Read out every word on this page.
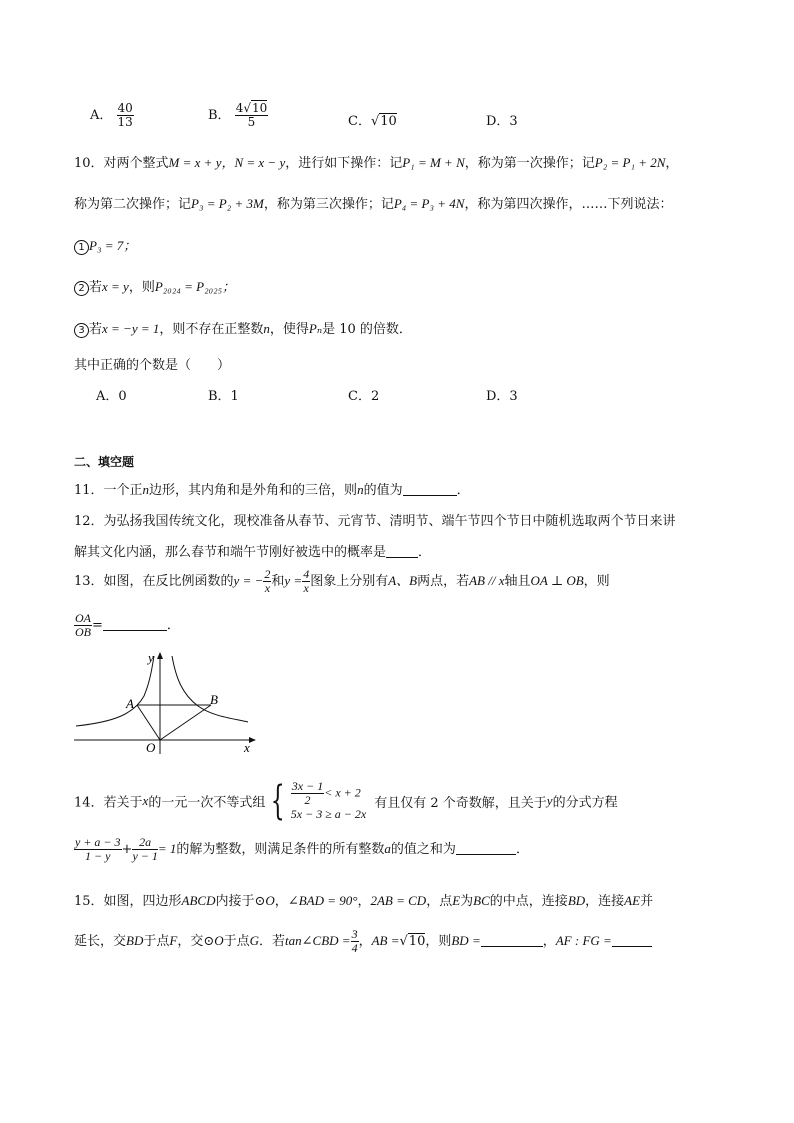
A． $\frac{40}{13}$	B． $\frac{4√10}{5}$	C．√10	D．3
10．对两个整式M = x + y，N = x − y，进行如下操作：记P₁ = M + N，称为第一次操作；记P₂ = P₁ + 2N，
称为第二次操作；记P₃ = P₂ + 3M，称为第三次操作；记P₄ = P₃ + 4N，称为第四次操作，……下列说法：
1 P₃ = 7；
2 若x = y，则P₂₀₂₄ = P₂₀₂₅；
3 若x = −y = 1，则不存在正整数n，使得Pₙ是 10 的倍数．
其中正确的个数是（　　）
A．0	B．1	C．2	D．3
二、填空题
11．一个正n边形，其内角和是外角和的三倍，则n的值为	．
12．为弘扬我国传统文化，现校准备从春节、元宵节、清明节、端午节四个节日中随机选取两个节日来讲
解其文化内涵，那么春节和端午节刚好被选中的概率是 ．
13．如图，在反比例函数的y = − $\frac{2}{x}$ 和$y = \frac{4}{x}$ 图象上分别有A、B两点，若AB // x轴且OA ⊥ OB，则
$\frac{OA}{OB}$ =	．
y
x
O
A	B
14．若关于x的一元一次不等式组 { $\frac{3x - 1}{2} < x + 2$
5x − 3 ≥ a − 2x
有且仅有 2 个奇数解，且关于y的分式方程
$\frac{y + a - 3}{1 - y} + \frac{2a}{y - 1} = 1$的解为整数，则满足条件的所有整数a的值之和为	．
15．如图，四边形ABCD内接于⊙O，∠BAD = 90°，2AB = CD，点E为BC的中点，连接BD，连接AE并
延长，交BD于点F，交⊙O于点G．若tan∠CBD = $\frac{3}{4}$ ，AB =√10，则BD =	，AF : FG =
